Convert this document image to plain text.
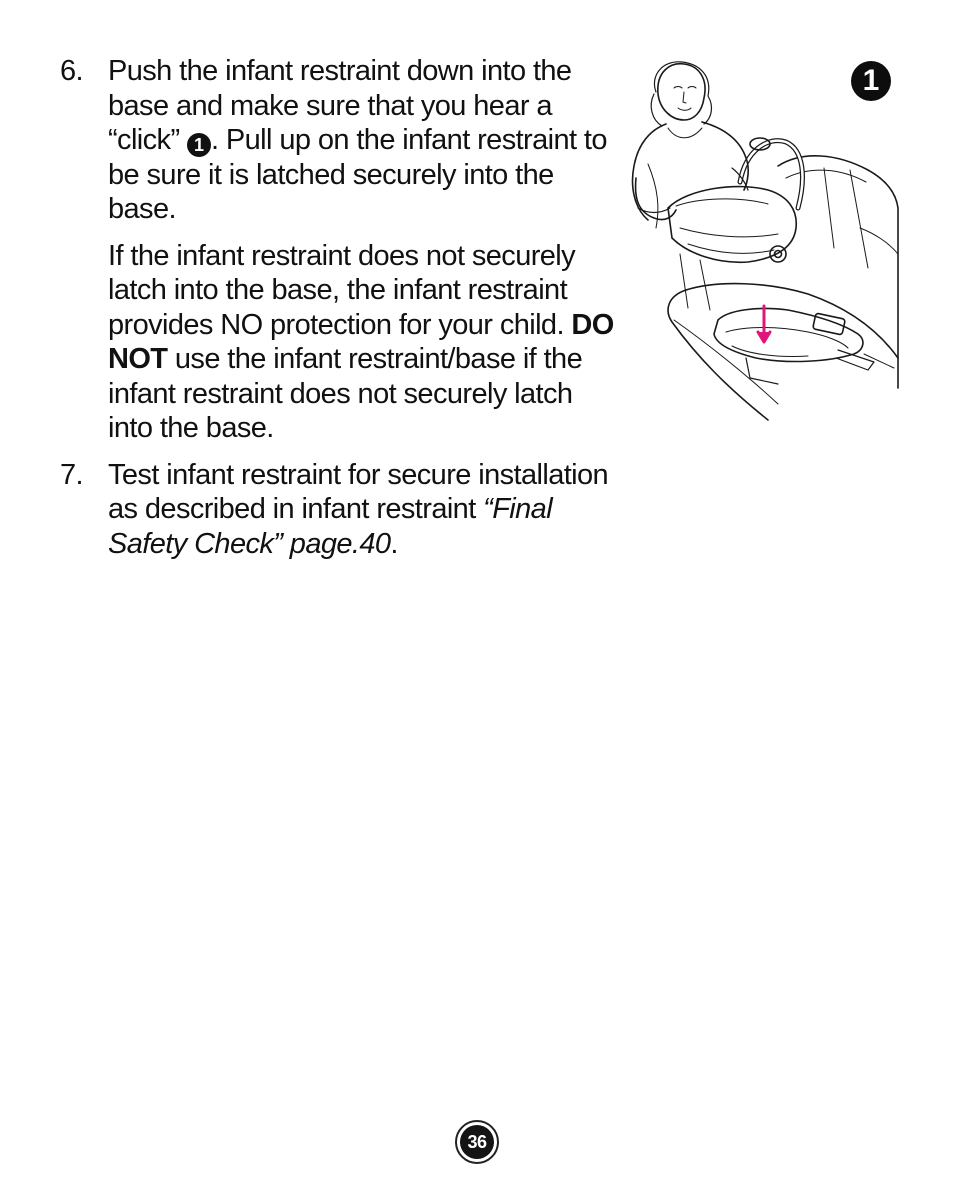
6. Push the infant restraint down into the base and make sure that you hear a “click” 1 . Pull up on the infant restraint to be sure it is latched securely into the base.

If the infant restraint does not securely latch into the base, the infant restraint provides NO protection for your child. DO NOT use the infant restraint/base if the infant restraint does not securely latch into the base.

7. Test infant restraint for secure installation as described in infant restraint “Final Safety Check” page.40.

1
36
